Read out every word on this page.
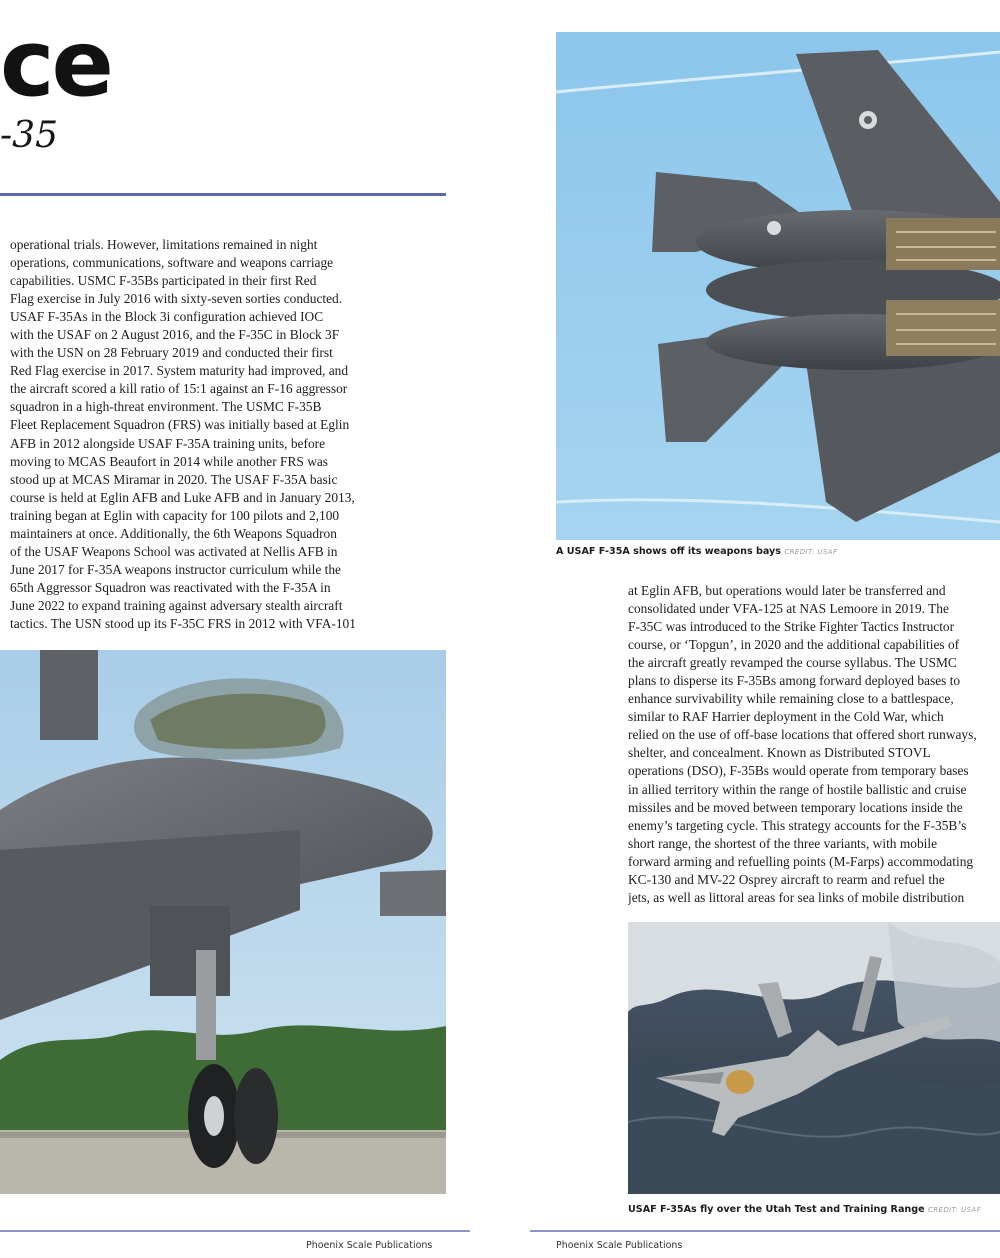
ce
-35
operational trials. However, limitations remained in night
operations, communications, software and weapons carriage
capabilities. USMC F-35Bs participated in their first Red
Flag exercise in July 2016 with sixty-seven sorties conducted.
USAF F-35As in the Block 3i configuration achieved IOC
with the USAF on 2 August 2016, and the F-35C in Block 3F
with the USN on 28 February 2019 and conducted their first
Red Flag exercise in 2017. System maturity had improved, and
the aircraft scored a kill ratio of 15:1 against an F-16 aggressor
squadron in a high-threat environment. The USMC F-35B
Fleet Replacement Squadron (FRS) was initially based at Eglin
AFB in 2012 alongside USAF F-35A training units, before
moving to MCAS Beaufort in 2014 while another FRS was
stood up at MCAS Miramar in 2020. The USAF F-35A basic
course is held at Eglin AFB and Luke AFB and in January 2013,
training began at Eglin with capacity for 100 pilots and 2,100
maintainers at once. Additionally, the 6th Weapons Squadron
of the USAF Weapons School was activated at Nellis AFB in
June 2017 for F-35A weapons instructor curriculum while the
65th Aggressor Squadron was reactivated with the F-35A in
June 2022 to expand training against adversary stealth aircraft
tactics. The USN stood up its F-35C FRS in 2012 with VFA-101
A USAF F-35A shows off its weapons bays CREDIT: USAF
at Eglin AFB, but operations would later be transferred and
consolidated under VFA-125 at NAS Lemoore in 2019. The
F-35C was introduced to the Strike Fighter Tactics Instructor
course, or ‘Topgun’, in 2020 and the additional capabilities of
the aircraft greatly revamped the course syllabus. The USMC
plans to disperse its F-35Bs among forward deployed bases to
enhance survivability while remaining close to a battlespace,
similar to RAF Harrier deployment in the Cold War, which
relied on the use of off-base locations that offered short runways,
shelter, and concealment. Known as Distributed STOVL
operations (DSO), F-35Bs would operate from temporary bases
in allied territory within the range of hostile ballistic and cruise
missiles and be moved between temporary locations inside the
enemy’s targeting cycle. This strategy accounts for the F-35B’s
short range, the shortest of the three variants, with mobile
forward arming and refuelling points (M-Farps) accommodating
KC-130 and MV-22 Osprey aircraft to rearm and refuel the
jets, as well as littoral areas for sea links of mobile distribution
USAF F-35As fly over the Utah Test and Training Range CREDIT: USAF
Phoenix Scale Publications	Phoenix Scale Publications
